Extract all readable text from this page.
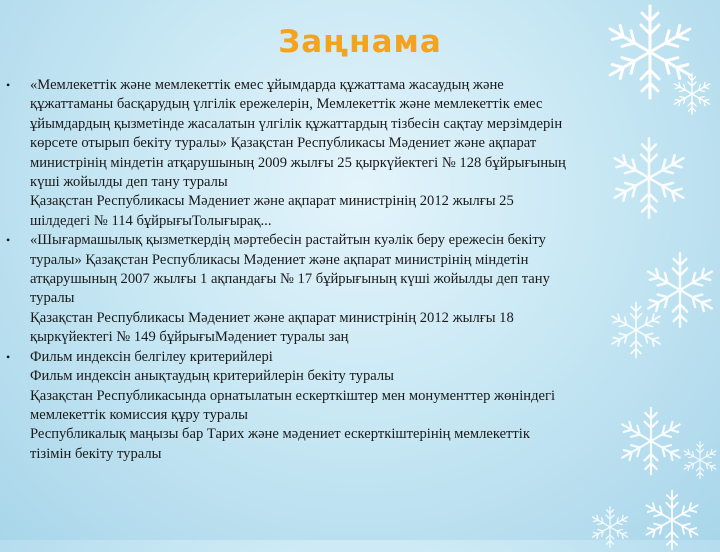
Заңнама
• «Мемлекеттік және мемлекеттік емес ұйымдарда құжаттама жасаудың және
құжаттаманы басқарудың үлгілік ережелерін, Мемлекеттік және мемлекеттік емес
ұйымдардың қызметінде жасалатын үлгілік құжаттардың тізбесін сақтау мерзімдерін
көрсете отырып бекіту туралы» Қазақстан Республикасы Мәдениет және ақпарат
министрінің міндетін атқарушының 2009 жылғы 25 қыркүйектегі № 128 бұйрығының
күші жойылды деп тану туралы
Қазақстан Республикасы Мәдениет және ақпарат министрінің 2012 жылғы 25
шілдедегі № 114 бұйрығыТолығырақ...
• «Шығармашылық қызметкердің мәртебесін растайтын куәлік беру ережесін бекіту
туралы» Қазақстан Республикасы Мәдениет және ақпарат министрінің міндетін
атқарушының 2007 жылғы 1 ақпандағы № 17 бұйрығының күші жойылды деп тану
туралы
Қазақстан Республикасы Мәдениет және ақпарат министрінің 2012 жылғы 18
қыркүйектегі № 149 бұйрығыМәдениет туралы заң
• Фильм индексін белгілеу критерийлері
Фильм индексін анықтаудың критерийлерін бекіту туралы
Қазақстан Республикасында орнатылатын ескерткіштер мен монументтер жөніндегі
мемлекеттік комиссия құру туралы
Республикалық маңызы бар Тарих және мәдениет ескерткіштерінің мемлекеттік
тізімін бекіту туралы
